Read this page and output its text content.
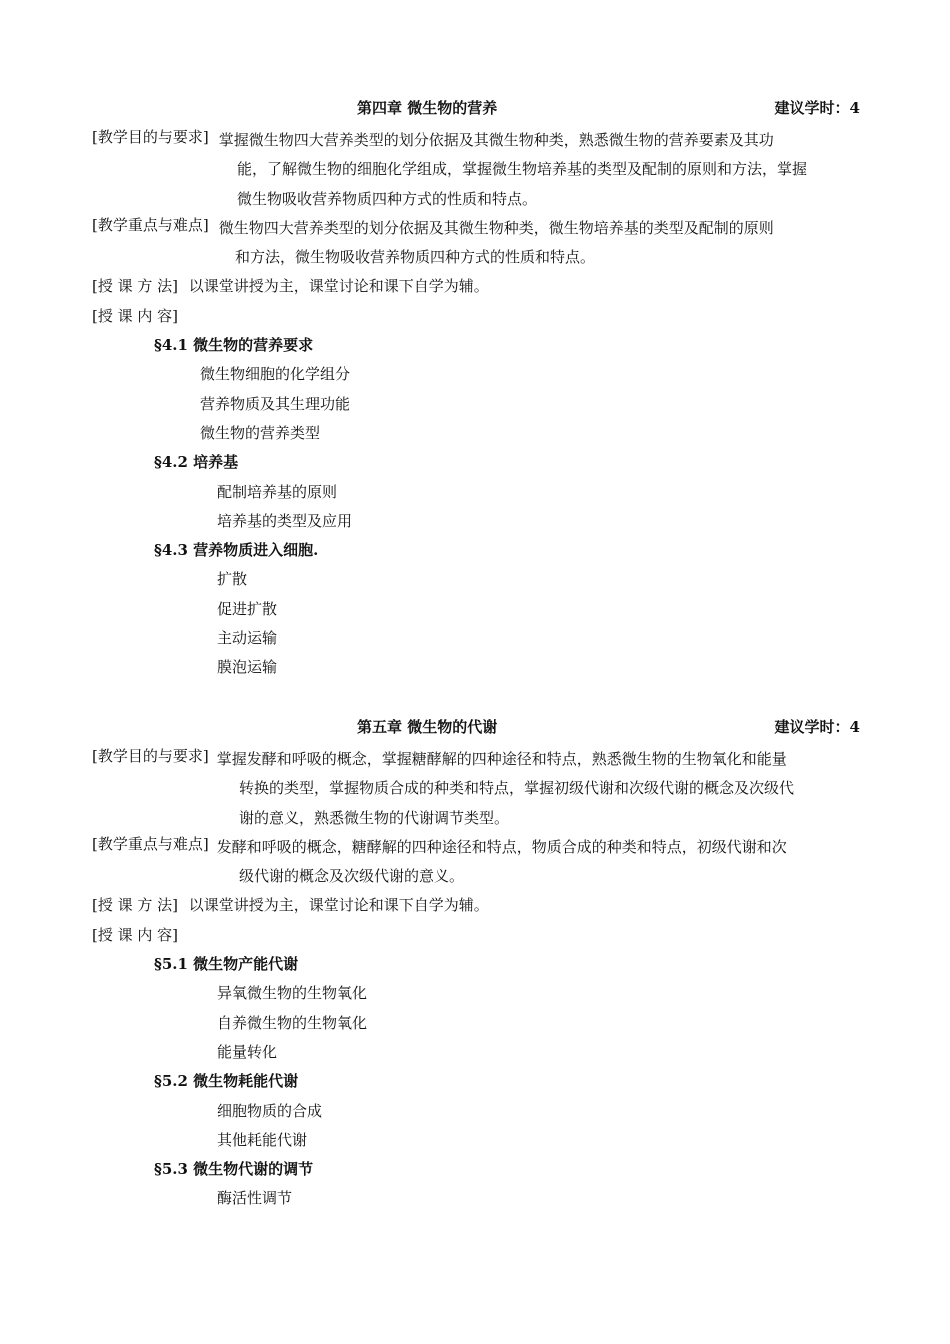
第四章 微生物的营养	建议学时：4
[教学目的与要求] 掌握微生物四大营养类型的划分依据及其微生物种类，熟悉微生物的营养要素及其功
能，了解微生物的细胞化学组成，掌握微生物培养基的类型及配制的原则和方法，掌握
微生物吸收营养物质四种方式的性质和特点。
[教学重点与难点] 微生物四大营养类型的划分依据及其微生物种类，微生物培养基的类型及配制的原则
和方法，微生物吸收营养物质四种方式的性质和特点。
[授 课 方 法] 以课堂讲授为主，课堂讨论和课下自学为辅。
[授 课 内 容]
§4.1 微生物的营养要求
微生物细胞的化学组分
营养物质及其生理功能
微生物的营养类型
§4.2 培养基
配制培养基的原则
培养基的类型及应用
§4.3 营养物质进入细胞.
扩散
促进扩散
主动运输
膜泡运输
第五章 微生物的代谢	建议学时：4
[教学目的与要求] 掌握发酵和呼吸的概念，掌握糖酵解的四种途径和特点，熟悉微生物的生物氧化和能量
转换的类型，掌握物质合成的种类和特点，掌握初级代谢和次级代谢的概念及次级代
谢的意义，熟悉微生物的代谢调节类型。
[教学重点与难点] 发酵和呼吸的概念，糖酵解的四种途径和特点，物质合成的种类和特点，初级代谢和次
级代谢的概念及次级代谢的意义。
[授 课 方 法] 以课堂讲授为主，课堂讨论和课下自学为辅。
[授 课 内 容]
§5.1 微生物产能代谢
异氧微生物的生物氧化
自养微生物的生物氧化
能量转化
§5.2 微生物耗能代谢
细胞物质的合成
其他耗能代谢
§5.3 微生物代谢的调节
酶活性调节
